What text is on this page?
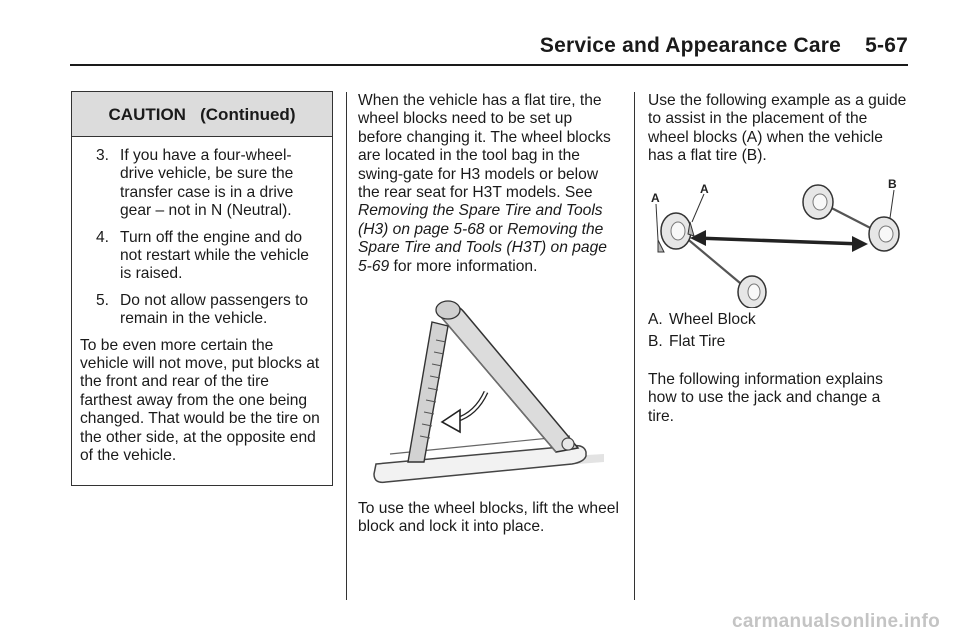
Service and Appearance Care    5-67
CAUTION   (Continued)
3. If you have a four-wheel-drive vehicle, be sure the transfer case is in a drive gear – not in N (Neutral).
4. Turn off the engine and do not restart while the vehicle is raised.
5. Do not allow passengers to remain in the vehicle.
To be even more certain the vehicle will not move, put blocks at the front and rear of the tire farthest away from the one being changed. That would be the tire on the other side, at the opposite end of the vehicle.
When the vehicle has a flat tire, the wheel blocks need to be set up before changing it. The wheel blocks are located in the tool bag in the swing-gate for H3 models or below the rear seat for H3T models. See Removing the Spare Tire and Tools (H3) on page 5-68 or Removing the Spare Tire and Tools (H3T) on page 5-69 for more information.
To use the wheel blocks, lift the wheel block and lock it into place.
Use the following example as a guide to assist in the placement of the wheel blocks (A) when the vehicle has a flat tire (B).
A
A	B
A. Wheel Block
B. Flat Tire
The following information explains how to use the jack and change a tire.
carmanualsonline.info
